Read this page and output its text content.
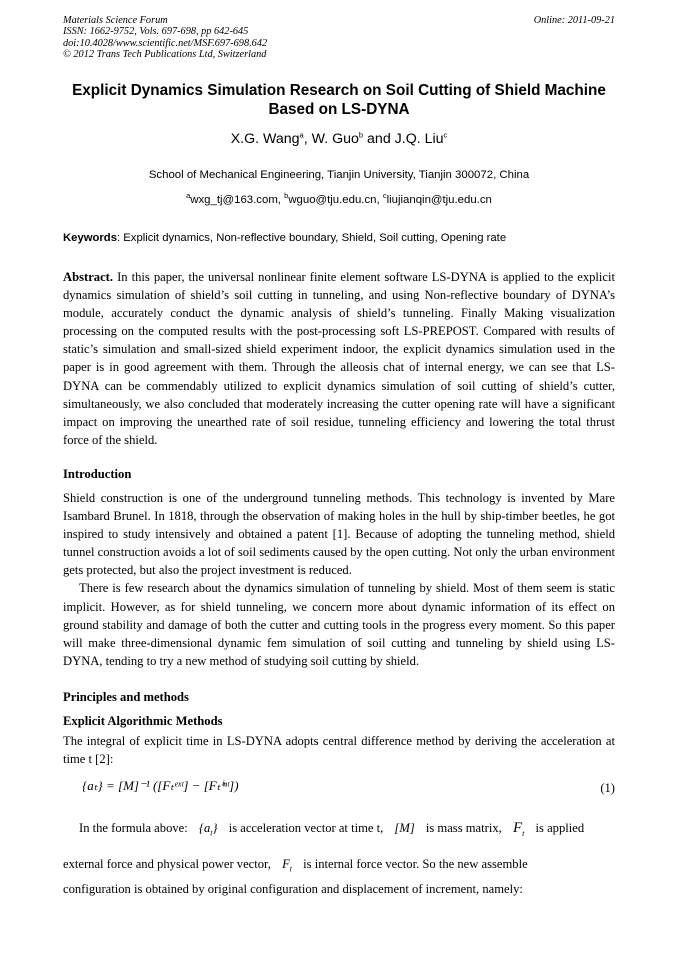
Materials Science Forum
ISSN: 1662-9752, Vols. 697-698, pp 642-645
doi:10.4028/www.scientific.net/MSF.697-698.642
© 2012 Trans Tech Publications Ltd, Switzerland
Online: 2011-09-21
Explicit Dynamics Simulation Research on Soil Cutting of Shield Machine Based on LS-DYNA
X.G. Wang$^a$, W. Guo$^b$ and J.Q. Liu$^c$
School of Mechanical Engineering, Tianjin University, Tianjin 300072, China
$^a$wxg_tj@163.com, $^b$wguo@tju.edu.cn, $^c$liujianqin@tju.edu.cn
Keywords: Explicit dynamics, Non-reflective boundary, Shield, Soil cutting, Opening rate
Abstract. In this paper, the universal nonlinear finite element software LS-DYNA is applied to the explicit dynamics simulation of shield’s soil cutting in tunneling, and using Non-reflective boundary of DYNA’s module, accurately conduct the dynamic analysis of shield’s tunneling. Finally Making visualization processing on the computed results with the post-processing soft LS-PREPOST. Compared with results of static’s simulation and small-sized shield experiment indoor, the explicit dynamics simulation used in the paper is in good agreement with them. Through the alleosis chat of internal energy, we can see that LS-DYNA can be commendably utilized to explicit dynamics simulation of soil cutting of shield’s cutter, simultaneously, we also concluded that moderately increasing the cutter opening rate will have a significant impact on improving the unearthed rate of soil residue, tunneling efficiency and lowering the total thrust force of the shield.
Introduction
Shield construction is one of the underground tunneling methods. This technology is invented by Mare Isambard Brunel. In 1818, through the observation of making holes in the hull by ship-timber beetles, he got inspired to study intensively and obtained a patent [1]. Because of adopting the tunneling method, shield tunnel construction avoids a lot of soil sediments caused by the open cutting. Not only the urban environment gets protected, but also the project investment is reduced.
There is few research about the dynamics simulation of tunneling by shield. Most of them seem is static implicit. However, as for shield tunneling, we concern more about dynamic information of its effect on ground stability and damage of both the cutter and cutting tools in the progress every moment. So this paper will make three-dimensional dynamic fem simulation of soil cutting and tunneling by shield using LS-DYNA, tending to try a new method of studying soil cutting by shield.
Principles and methods
Explicit Algorithmic Methods
The integral of explicit time in LS-DYNA adopts central difference method by deriving the acceleration at time t [2]:
{aₜ} = [M]⁻¹ ([Fₜᵉˣᵗ] − [Fₜⁱⁿᵗ])	(1)
In the formula above: $\{a_t\}$ is acceleration vector at time t, [M] is mass matrix, $F_t$ is applied
external force and physical power vector, $F_t$ is internal force vector. So the new assemble
configuration is obtained by original configuration and displacement of increment, namely:
